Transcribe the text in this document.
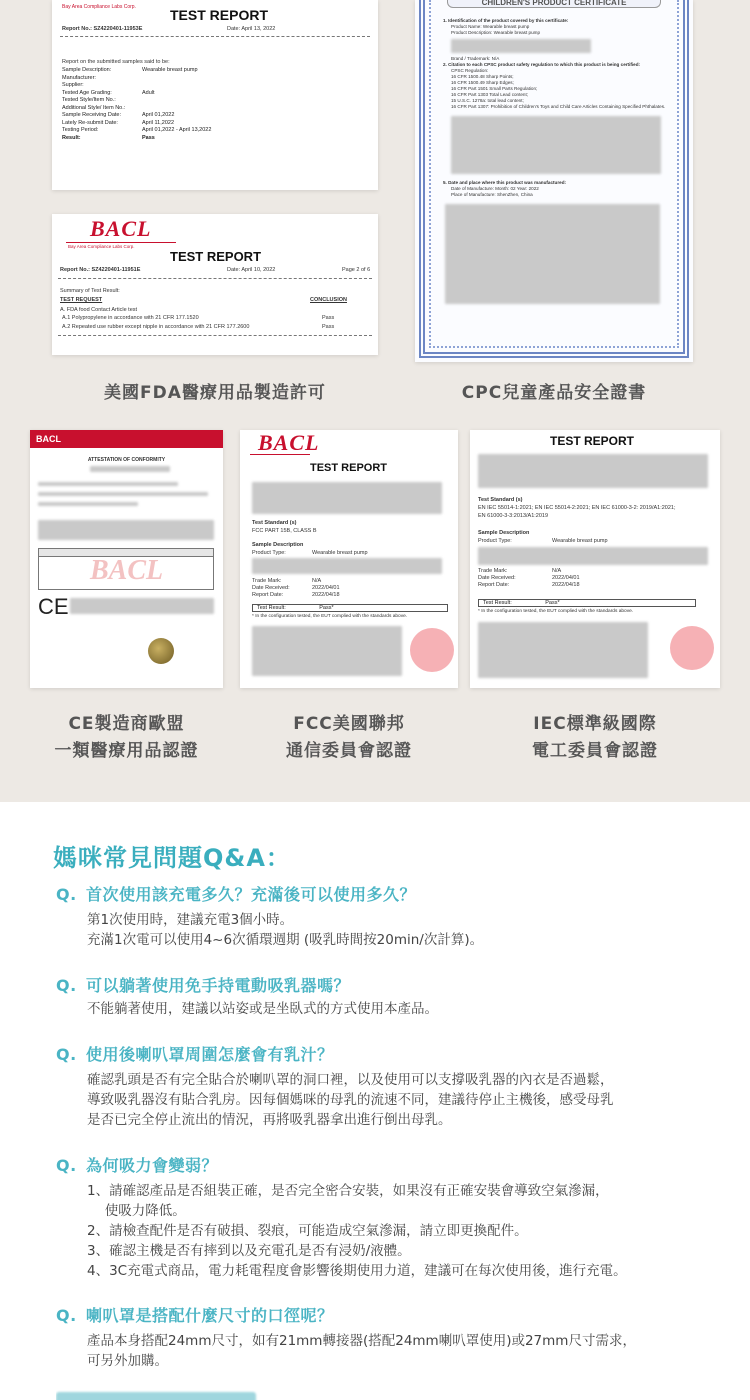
Bay Area Compliance Labs Corp. TEST REPORT
Report No.: SZ4220401-11953E	Date: April 13, 2022
Report on the submitted samples said to be:
Sample Description:	Wearable breast pump
Manufacturer:
Supplier:
Tested Age Grading:	Adult
Tested Style/Item No.:
Additional Style/ Item No.:
Sample Receiving Date:	April 01,2022
Lately Re-submit Date:	April 11,2022
Testing Period:	April 01,2022 - April 13,2022
Result:	Pass
BACL
Bay Area Compliance Labs Corp.
TEST REPORT
Report No.: SZ4220401-11951E	Date: April 10, 2022	Page 2 of 6
Summary of Test Result:
TEST REQUEST	CONCLUSION
A. FDA food Contact Article test
A.1 Polypropylene in accordance with 21 CFR 177.1520	Pass
A.2 Repeated use rubber except nipple in accordance with 21 CFR 177.2600	Pass
CHILDREN'S PRODUCT CERTIFICATE
1. Identification of the product covered by this certificate:
Product Name: Wearable breast pump
Product Description: Wearable breast pump
Brand / Trademark: N/A
2. Citation to each CPSC product safety regulation to which this product is being certified:
CPSC Regulation:
16 CFR 1500.48 Sharp Points;
16 CFR 1500.49 Sharp Edges;
16 CFR Part 1501 Small Parts Regulation;
16 CFR Part 1303 Total Lead content;
15 U.S.C. 1278a: total lead content;
16 CFR Part 1307: Prohibition of Children's Toys and Child Care Articles Containing Specified Phthalates.
5. Date and place where this product was manufactured:
Date of Manufacture: Month: 02 Year: 2022
Place of Manufacture: ShenZhen, China
美國FDA醫療用品製造許可	CPC兒童產品安全證書
BACL
ATTESTATION OF CONFORMITY
BACL
CE
BACL
TEST REPORT
Test Standard (s)
FCC PART 15B, CLASS B
Sample Description
Product Type:	Wearable breast pump
Trade Mark:	N/A
Date Received:	2022/04/01
Report Date:	2022/04/18
Test Result:	Pass*
* In the configuration tested, the EUT complied with the standards above.
TEST REPORT
Test Standard (s)
EN IEC 55014-1:2021; EN IEC 55014-2:2021; EN IEC 61000-3-2: 2019/A1:2021;
EN 61000-3-3:2013/A1:2019
Sample Description
Product Type:	Wearable breast pump
Trade Mark:	N/A
Date Received:	2022/04/01
Report Date:	2022/04/18
Test Result:	Pass*
* In the configuration tested, the EUT complied with the standards above.
CE製造商歐盟
一類醫療用品認證
FCC美國聯邦
通信委員會認證
IEC標準級國際
電工委員會認證
媽咪常見問題Q&A：
Q. 首次使用該充電多久？充滿後可以使用多久？

第1次使用時，建議充電3個小時。

充滿1次電可以使用4~6次循環週期 (吸乳時間按20min/次計算)。

Q. 可以躺著使用免手持電動吸乳器嗎？

不能躺著使用，建議以站姿或是坐臥式的方式使用本產品。

Q. 使用後喇叭罩周圍怎麼會有乳汁？

確認乳頭是否有完全貼合於喇叭罩的洞口裡，以及使用可以支撐吸乳器的內衣是否過鬆，

導致吸乳器沒有貼合乳房。因每個媽咪的母乳的流速不同，建議待停止主機後，感受母乳

是否已完全停止流出的情況，再將吸乳器拿出進行倒出母乳。

Q. 為何吸力會變弱？

1、請確認產品是否組裝正確，是否完全密合安裝，如果沒有正確安裝會導致空氣滲漏，

　 使吸力降低。

2、請檢查配件是否有破損、裂痕，可能造成空氣滲漏，請立即更換配件。

3、確認主機是否有摔到以及充電孔是否有浸奶/液體。

4、3C充電式商品，電力耗電程度會影響後期使用力道，建議可在每次使用後，進行充電。

Q. 喇叭罩是搭配什麼尺寸的口徑呢？

產品本身搭配24mm尺寸，如有21mm轉接器(搭配24mm喇叭罩使用)或27mm尺寸需求，

可另外加購。
